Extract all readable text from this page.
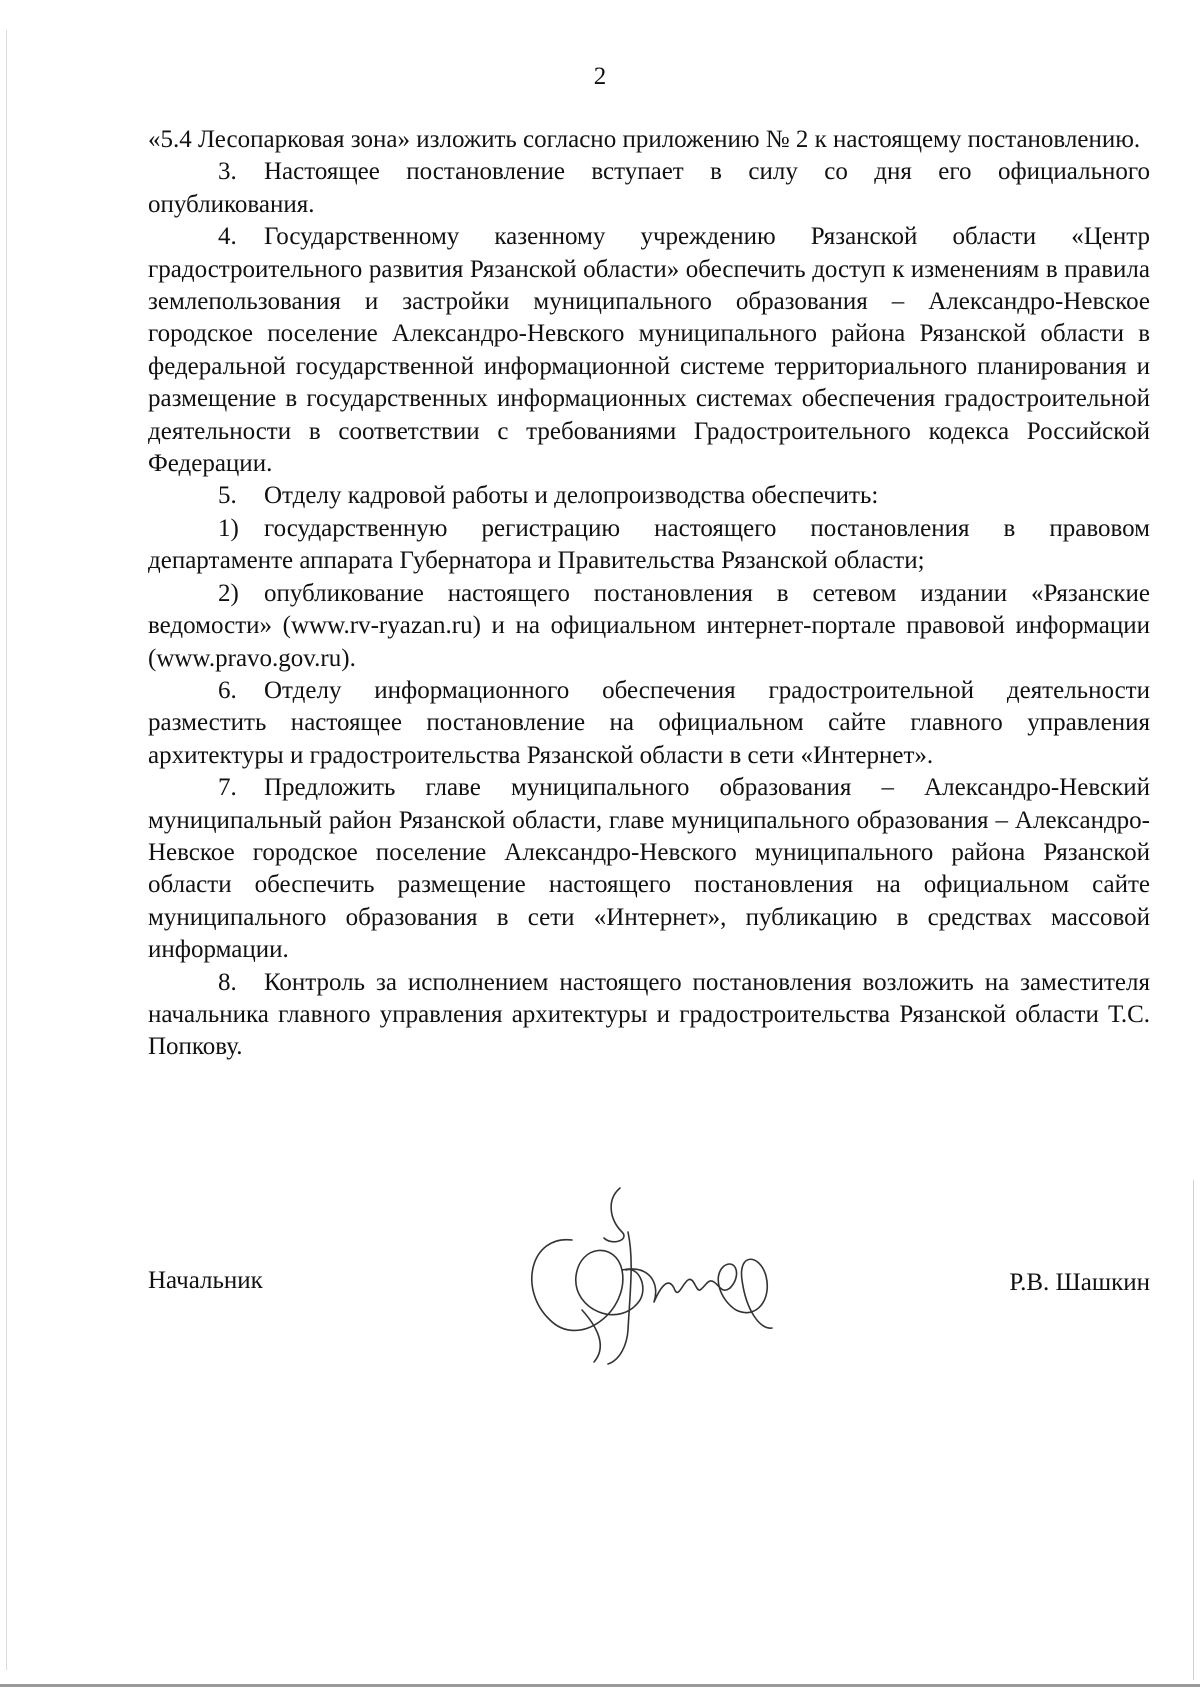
2

«5.4 Лесопарковая зона» изложить согласно приложению № 2 к настоящему постановлению.

3. Настоящее постановление вступает в силу со дня его официального опубликования.

4. Государственному казенному учреждению Рязанской области «Центр градостроительного развития Рязанской области» обеспечить доступ к изменениям в правила землепользования и застройки муниципального образования – Александро-Невское городское поселение Александро-Невского муниципального района Рязанской области в федеральной государственной информационной системе территориального планирования и размещение в государственных информационных системах обеспечения градостроительной деятельности в соответствии с требованиями Градостроительного кодекса Российской Федерации.

5. Отделу кадровой работы и делопроизводства обеспечить:

1) государственную регистрацию настоящего постановления в правовом департаменте аппарата Губернатора и Правительства Рязанской области;

2) опубликование настоящего постановления в сетевом издании «Рязанские ведомости» (www.rv-ryazan.ru) и на официальном интернет-портале правовой информации (www.pravo.gov.ru).

6. Отделу информационного обеспечения градостроительной деятельности разместить настоящее постановление на официальном сайте главного управления архитектуры и градостроительства Рязанской области в сети «Интернет».

7. Предложить главе муниципального образования – Александро-Невский муниципальный район Рязанской области, главе муниципального образования – Александро-Невское городское поселение Александро-Невского муниципального района Рязанской области обеспечить размещение настоящего постановления на официальном сайте муниципального образования в сети «Интернет», публикацию в средствах массовой информации.

8. Контроль за исполнением настоящего постановления возложить на заместителя начальника главного управления архитектуры и градостроительства Рязанской области Т.С. Попкову.

Начальник	Р.В. Шашкин
